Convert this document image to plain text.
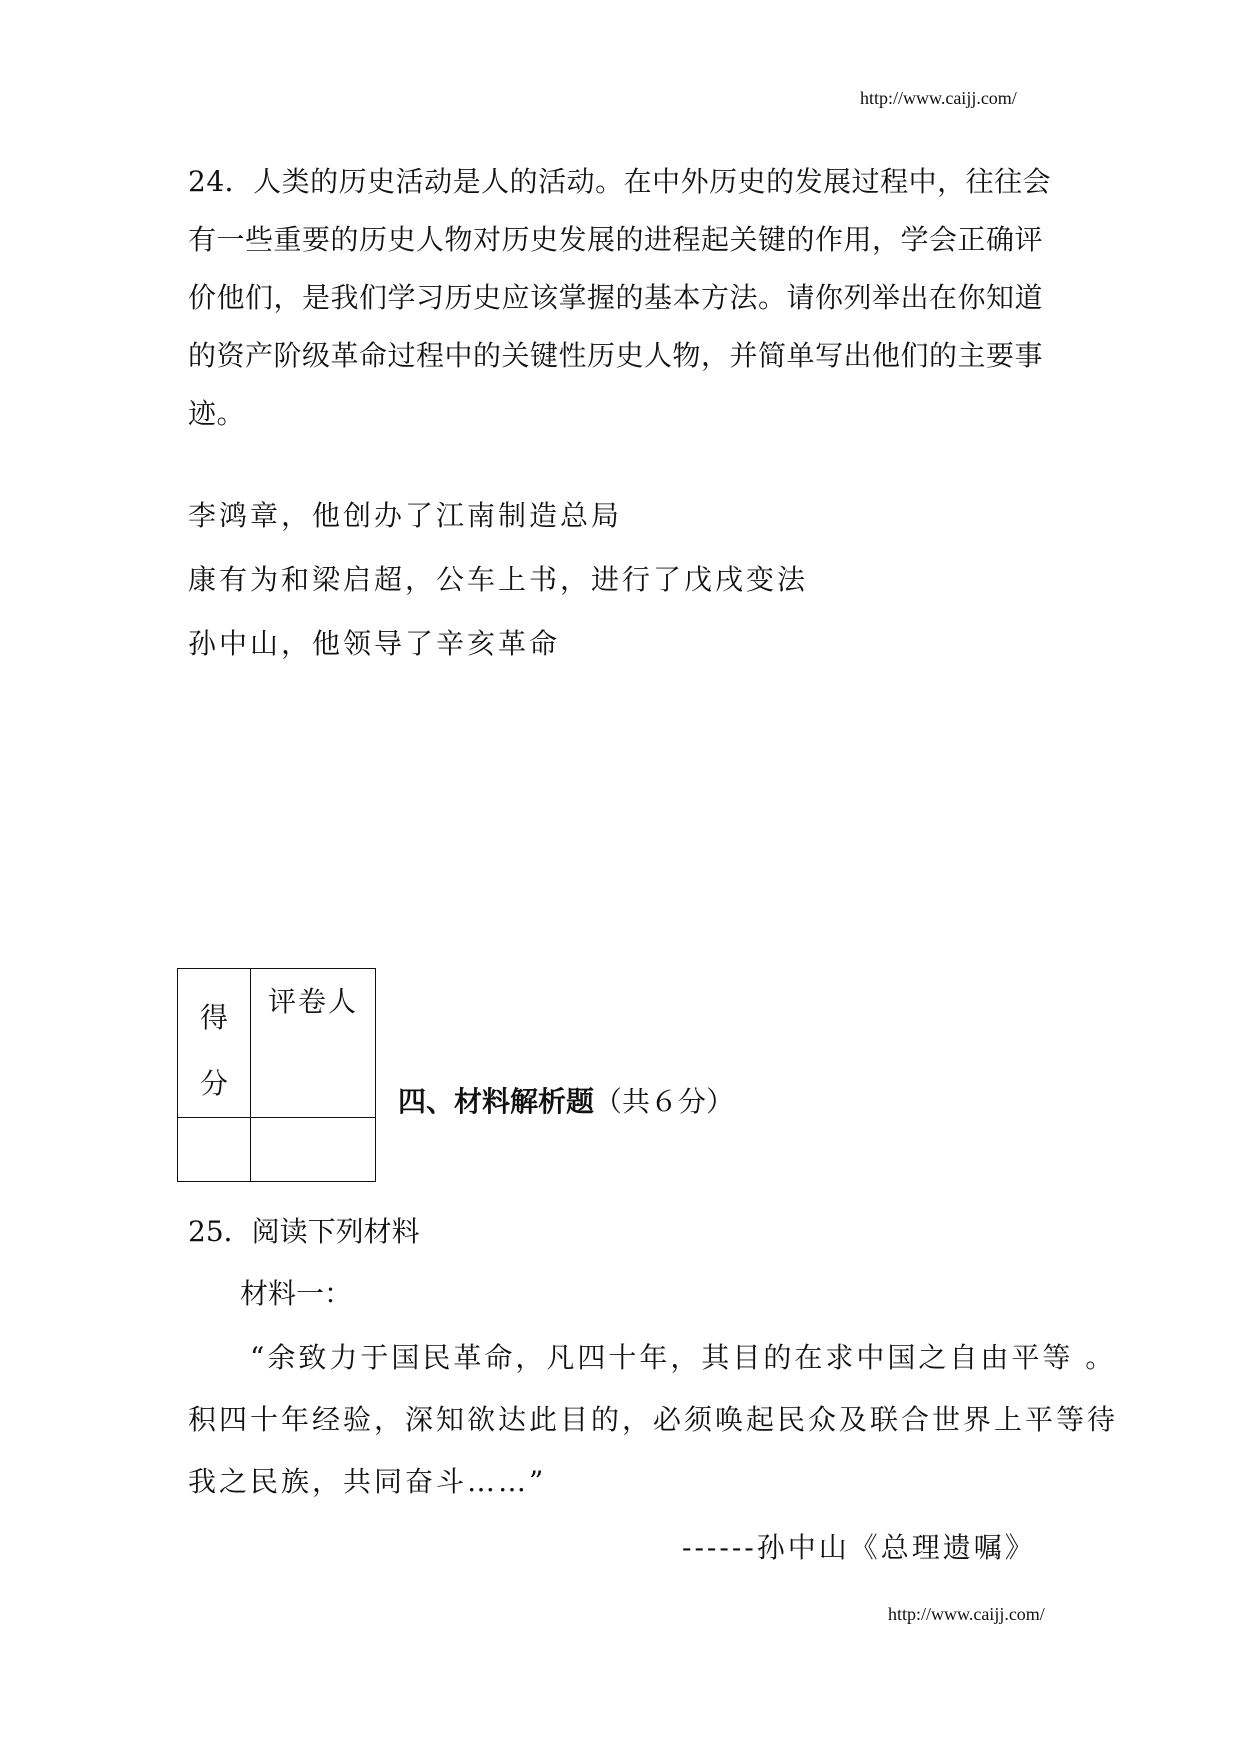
http://www.caijj.com/
24．人类的历史活动是人的活动。在中外历史的发展过程中，往往会
有一些重要的历史人物对历史发展的进程起关键的作用，学会正确评
价他们，是我们学习历史应该掌握的基本方法。请你列举出在你知道
的资产阶级革命过程中的关键性历史人物，并简单写出他们的主要事
迹。
李鸿章，他创办了江南制造总局
康有为和梁启超，公车上书，进行了戊戌变法
孙中山，他领导了辛亥革命
得
分	评卷人

四、材料解析题（共６分）
25．阅读下列材料
材料一：
“余致力于国民革命，凡四十年，其目的在求中国之自由平等 。
积四十年经验，深知欲达此目的，必须唤起民众及联合世界上平等待
我之民族，共同奋斗……”
------孙中山《总理遗嘱》
http://www.caijj.com/
